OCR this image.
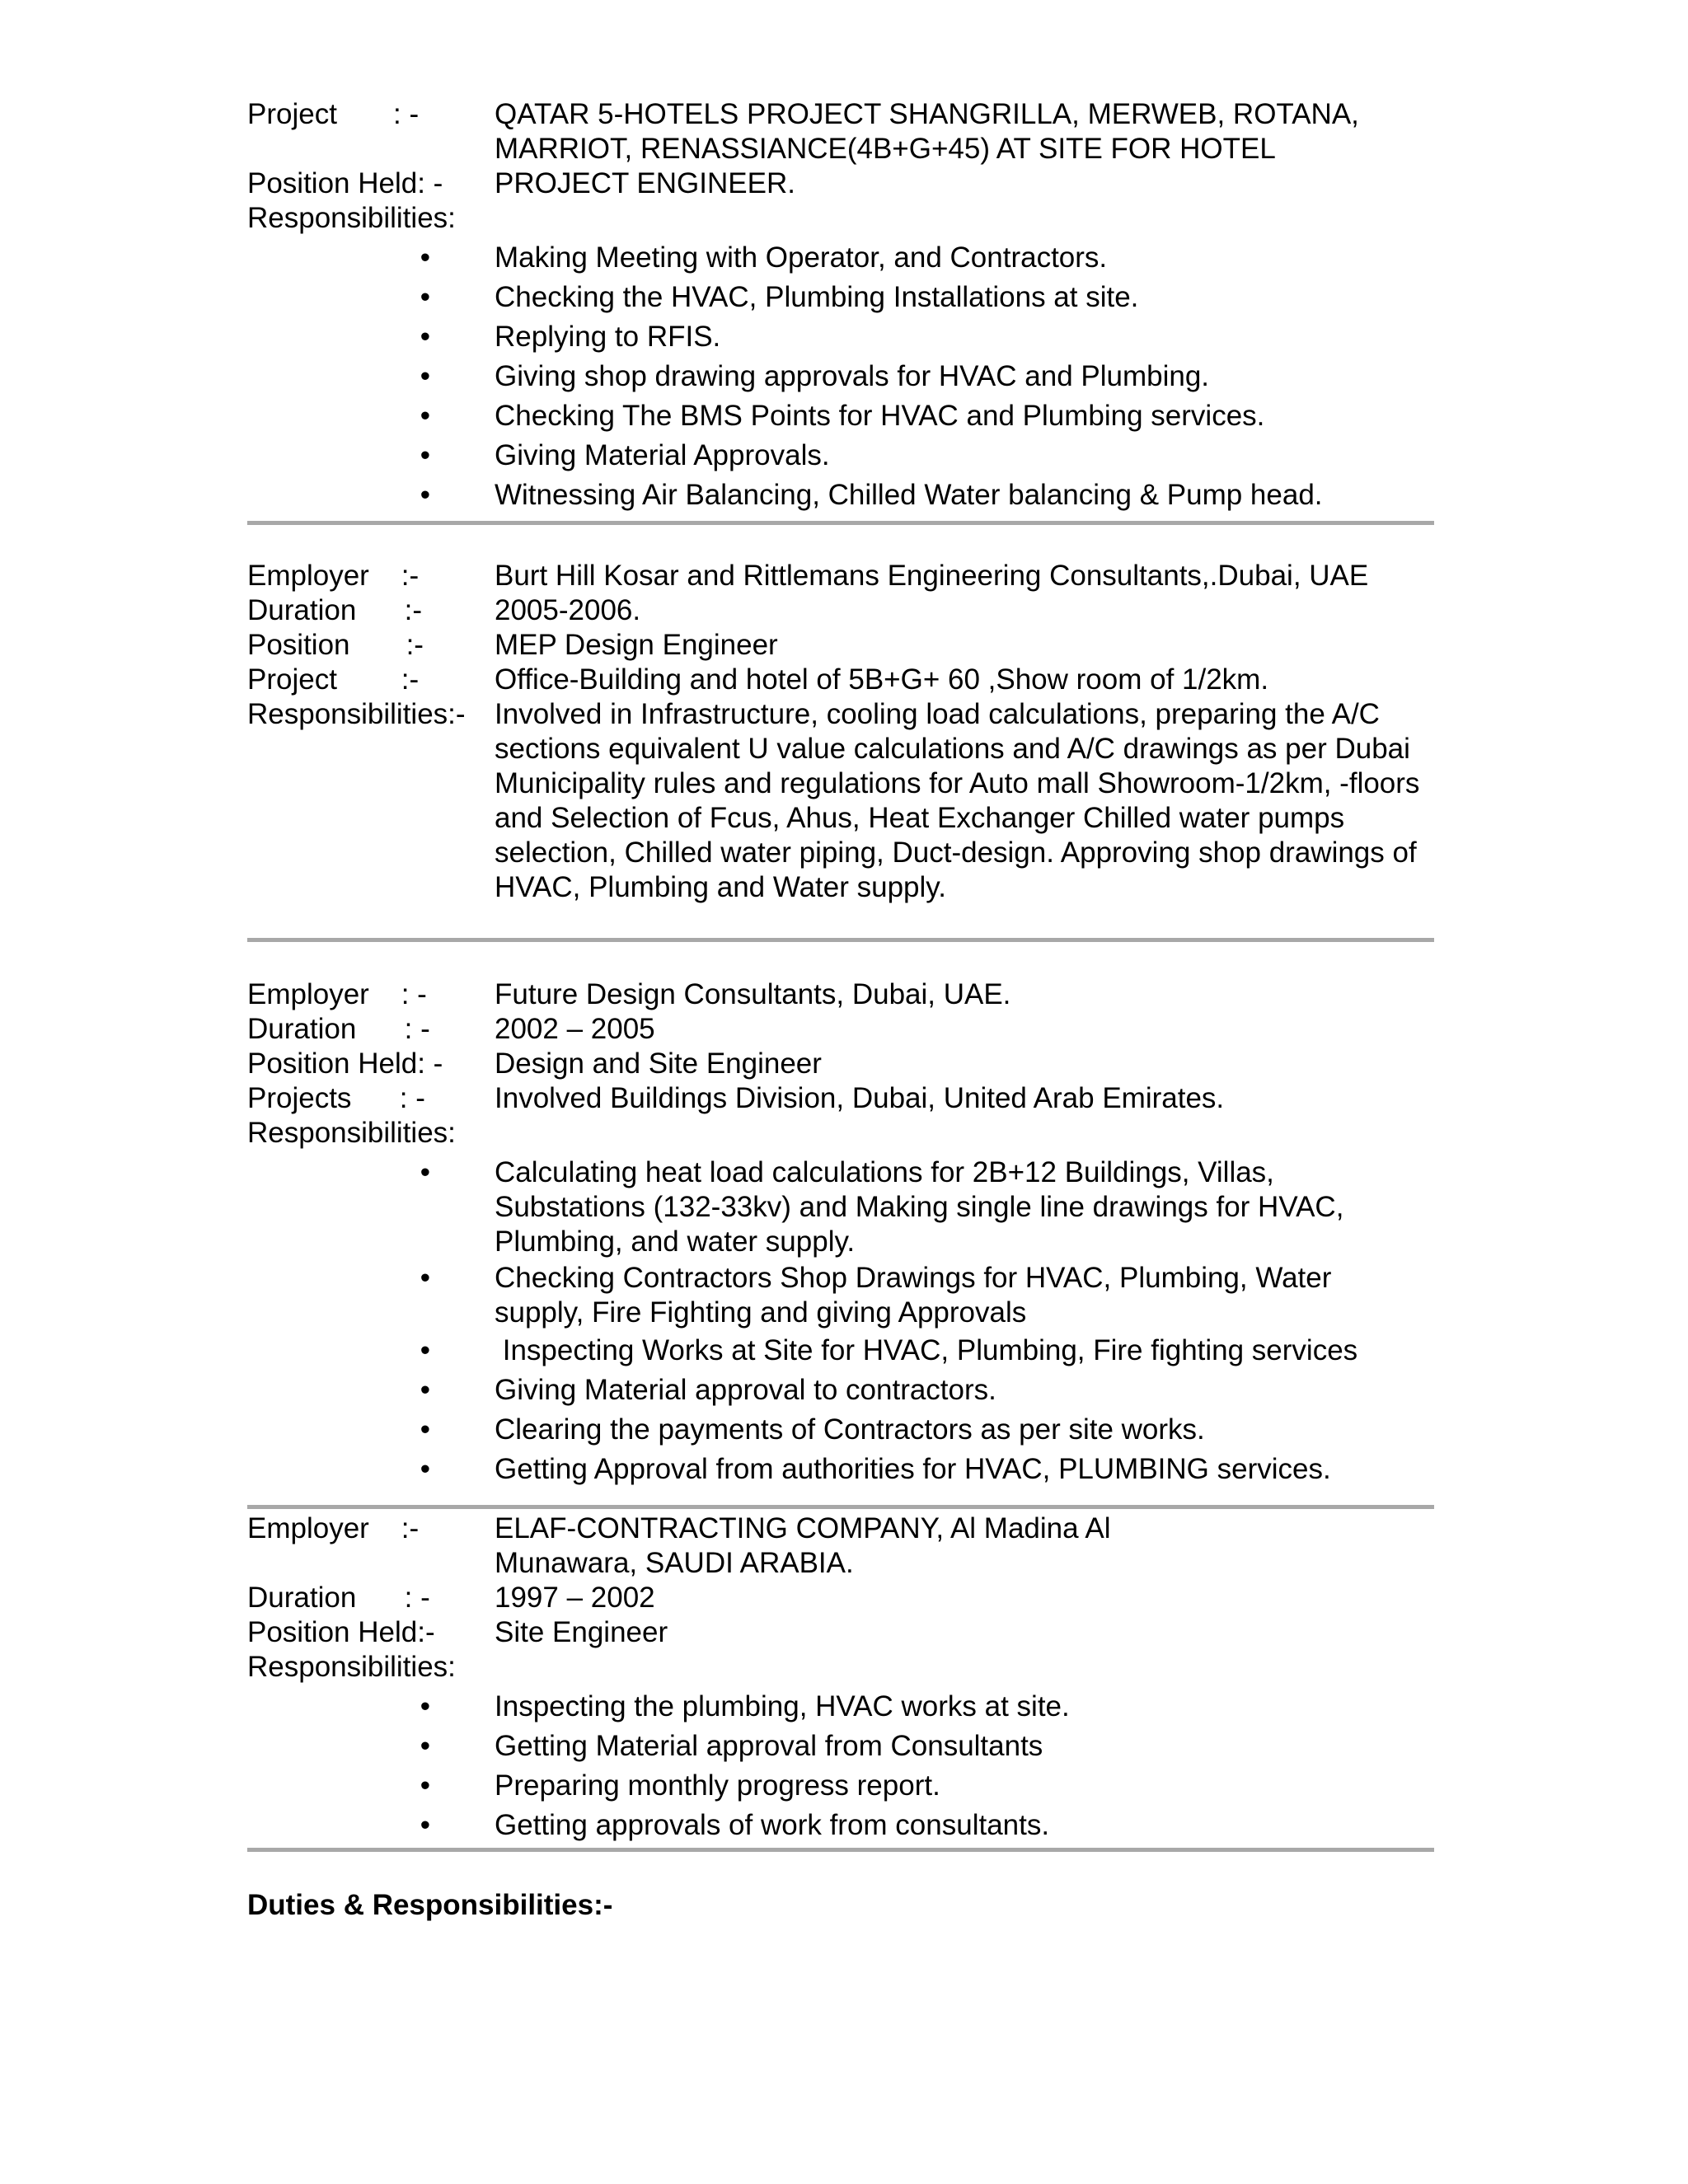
Project       : -	QATAR 5-HOTELS PROJECT SHANGRILLA, MERWEB, ROTANA, MARRIOT, RENASSIANCE(4B+G+45) AT SITE FOR HOTEL
Position Held: -	PROJECT ENGINEER.
Responsibilities:
•	Making Meeting with Operator, and Contractors.
•	Checking the HVAC, Plumbing Installations at site.
•	Replying to RFIS.
•	Giving shop drawing approvals for HVAC and Plumbing.
•	Checking The BMS Points for HVAC and Plumbing services.
•	Giving Material Approvals.
•	Witnessing Air Balancing, Chilled Water balancing & Pump head.
Employer    :-	Burt Hill Kosar and Rittlemans Engineering Consultants,.Dubai, UAE
Duration      :-	2005-2006.
Position       :-	MEP Design Engineer
Project        :-	Office-Building and hotel of 5B+G+ 60 ,Show room of 1/2km.
Responsibilities:-	Involved in Infrastructure, cooling load calculations, preparing the A/C sections equivalent U value calculations and A/C drawings as per Dubai Municipality rules and regulations for Auto mall Showroom-1/2km, -floors and Selection of Fcus, Ahus, Heat Exchanger Chilled water pumps selection, Chilled water piping, Duct-design. Approving shop drawings of HVAC, Plumbing and Water supply.
Employer    : -	Future Design Consultants, Dubai, UAE.
Duration      : -	2002 – 2005
Position Held: -	Design and Site Engineer
Projects      : -	Involved Buildings Division, Dubai, United Arab Emirates.
Responsibilities:
•	Calculating heat load calculations for 2B+12 Buildings, Villas, Substations (132-33kv) and Making single line drawings for HVAC, Plumbing, and water supply.
•	Checking Contractors Shop Drawings for HVAC, Plumbing, Water supply, Fire Fighting and giving Approvals
•	Inspecting Works at Site for HVAC, Plumbing, Fire fighting services
•	Giving Material approval to contractors.
•	Clearing the payments of Contractors as per site works.
•	Getting Approval from authorities for HVAC, PLUMBING services.
Employer    :-	ELAF-CONTRACTING COMPANY, Al Madina Al Munawara, SAUDI ARABIA.
Duration      : -	1997 – 2002
Position Held:-	Site Engineer
Responsibilities:
•	Inspecting the plumbing, HVAC works at site.
•	Getting Material approval from Consultants
•	Preparing monthly progress report.
•	Getting approvals of work from consultants.
Duties & Responsibilities:-
